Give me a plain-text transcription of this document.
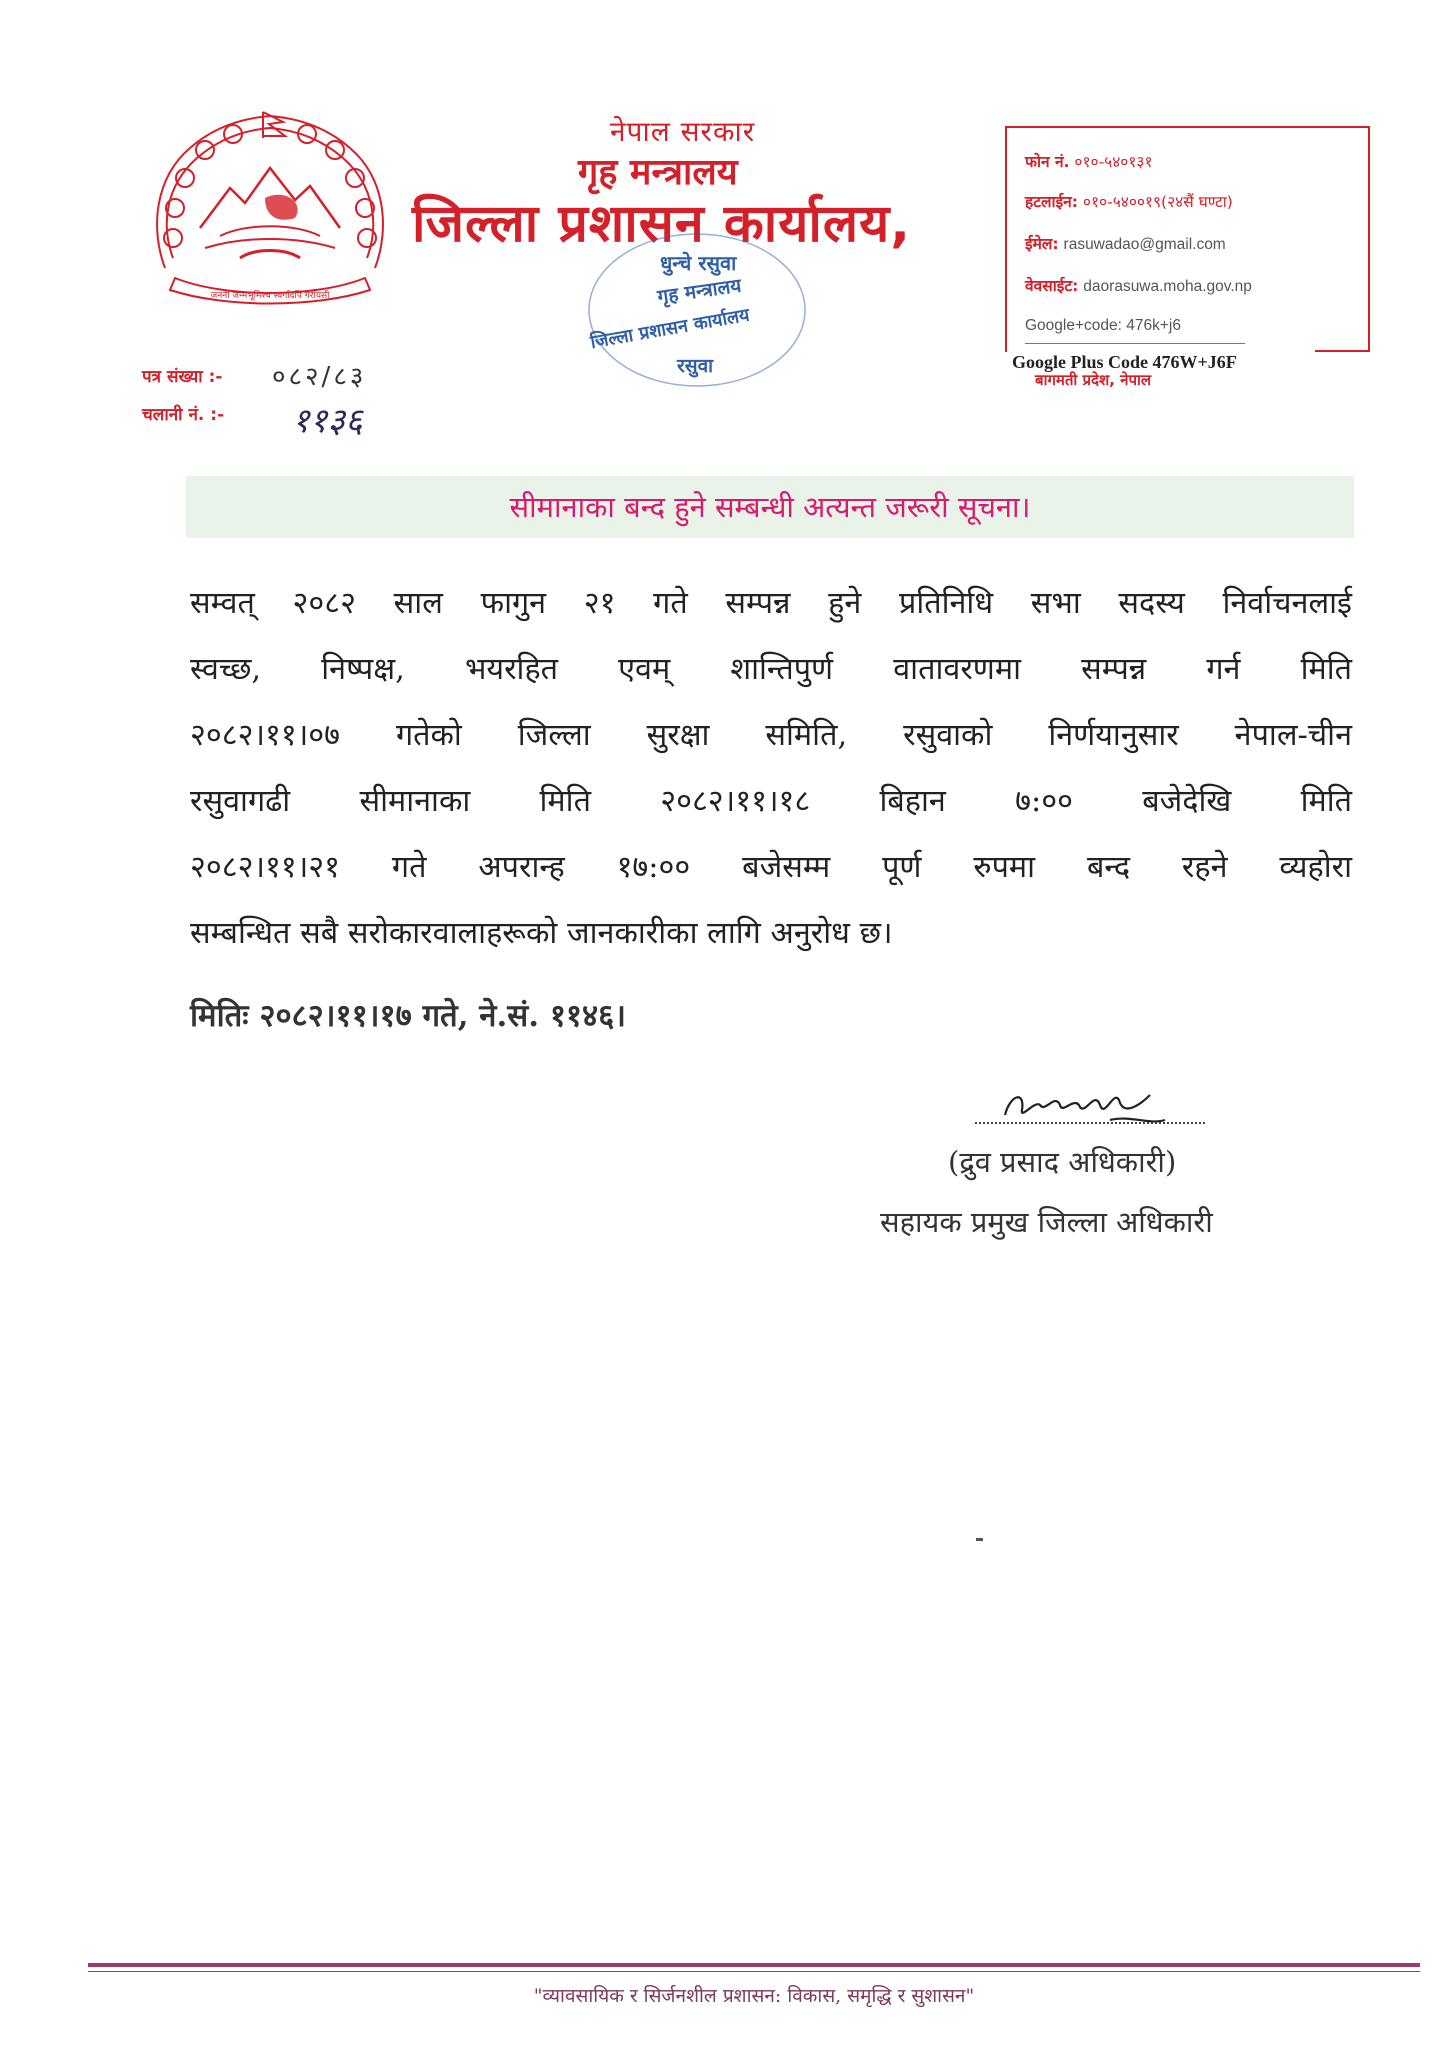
जननी जन्मभूमिश्च स्वर्गादपि गरीयसी
नेपाल सरकार
गृह मन्त्रालय
जिल्ला प्रशासन कार्यालय,
धुन्चे रसुवा
गृह मन्त्रालय
जिल्ला प्रशासन कार्यालय
रसुवा
फोन नं. ०१०-५४०१३१
हटलाईन: ०१०-५४००१९(२४सैं घण्टा)
ईमेल: rasuwadao@gmail.com
वेवसाईट: daorasuwa.moha.gov.np
Google+code: 476k+j6
Google Plus Code 476W+J6F
बागमती प्रदेश, नेपाल
पत्र संख्या :- ०८२/८३
चलानी नं. :- ११३६
सीमानाका बन्द हुने सम्बन्धी अत्यन्त जरूरी सूचना।
सम्वत् २०८२ साल फागुन २१ गते सम्पन्न हुने प्रतिनिधि सभा सदस्य निर्वाचनलाई
स्वच्छ, निष्पक्ष, भयरहित एवम् शान्तिपुर्ण वातावरणमा सम्पन्न गर्न मिति
२०८२।११।०७ गतेको जिल्ला सुरक्षा समिति, रसुवाको निर्णयानुसार नेपाल-चीन
रसुवागढी सीमानाका मिति २०८२।११।१८ बिहान ७:०० बजेदेखि मिति
२०८२।११।२१ गते अपरान्ह १७:०० बजेसम्म पूर्ण रुपमा बन्द रहने व्यहोरा
सम्बन्धित सबै सरोकारवालाहरूको जानकारीका लागि अनुरोध छ।
मितिः २०८२।११।१७ गते, ने.सं. ११४६।
(द्रुव प्रसाद अधिकारी)
सहायक प्रमुख जिल्ला अधिकारी
"व्यावसायिक र सिर्जनशील प्रशासन: विकास, समृद्धि र सुशासन"
